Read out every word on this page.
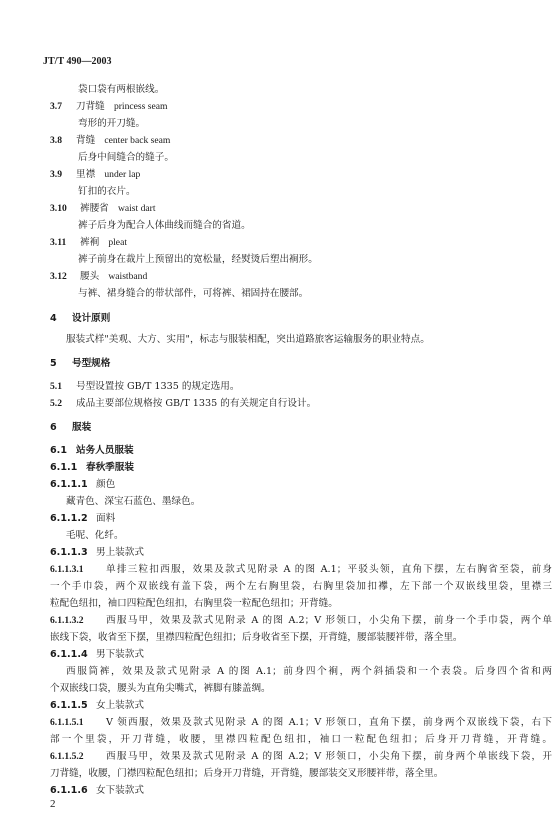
JT/T 490—2003
袋口袋有两根嵌线。
3.7 刀背缝 princess seam
弯形的开刀缝。
3.8 背缝 center back seam
后身中间缝合的缝子。
3.9 里襟 under lap
钉扣的衣片。
3.10 裤腰省 waist dart
裤子后身为配合人体曲线而缝合的省道。
3.11 裤裥 pleat
裤子前身在裁片上预留出的宽松量，经熨烫后塑出裥形。
3.12 腰头 waistband
与裤、裙身缝合的带状部件，可将裤、裙固持在腰部。
4 设计原则
服装式样"美观、大方、实用"，标志与服装相配，突出道路旅客运输服务的职业特点。
5 号型规格
5.1 号型设置按 GB/T 1335 的规定选用。
5.2 成品主要部位规格按 GB/T 1335 的有关规定自行设计。
6 服装
6.1 站务人员服装
6.1.1 春秋季服装
6.1.1.1 颜色
藏青色、深宝石蓝色、墨绿色。
6.1.1.2 面料
毛呢、化纤。
6.1.1.3 男上装款式
6.1.1.3.1 单排三粒扣西服，效果及款式见附录 A 的图 A.1；平驳头领，直角下摆，左右胸省至袋，前身
一个手巾袋，两个双嵌线有盖下袋，两个左右胸里袋，右胸里袋加扣襻，左下部一个双嵌线里袋，里襟三
粒配色纽扣，袖口四粒配色纽扣，右胸里袋一粒配色纽扣；开背缝。
6.1.1.3.2 西服马甲，效果及款式见附录 A 的图 A.2；V 形领口，小尖角下摆，前身一个手巾袋，两个单
嵌线下袋，收省至下摆，里襟四粒配色纽扣；后身收省至下摆，开背缝，腰部装腰袢带，落全里。
6.1.1.4 男下装款式
西服筒裤，效果及款式见附录 A 的图 A.1；前身四个裥，两个斜插袋和一个表袋。后身四个省和两
个双嵌线口袋，腰头为直角尖嘴式，裤脚有膝盖绸。
6.1.1.5 女上装款式
6.1.1.5.1 V 领西服，效果及款式见附录 A 的图 A.1；V 形领口，直角下摆，前身两个双嵌线下袋，右下
部一个里袋，开刀背缝，收腰，里襟四粒配色纽扣，袖口一粒配色纽扣；后身开刀背缝，开背缝。
6.1.1.5.2 西服马甲，效果及款式见附录 A 的图 A.2；V 形领口，小尖角下摆，前身两个单嵌线下袋，开
刀背缝，收腰，门襟四粒配色纽扣；后身开刀背缝，开背缝，腰部装交叉形腰袢带，落全里。
6.1.1.6 女下装款式
2
